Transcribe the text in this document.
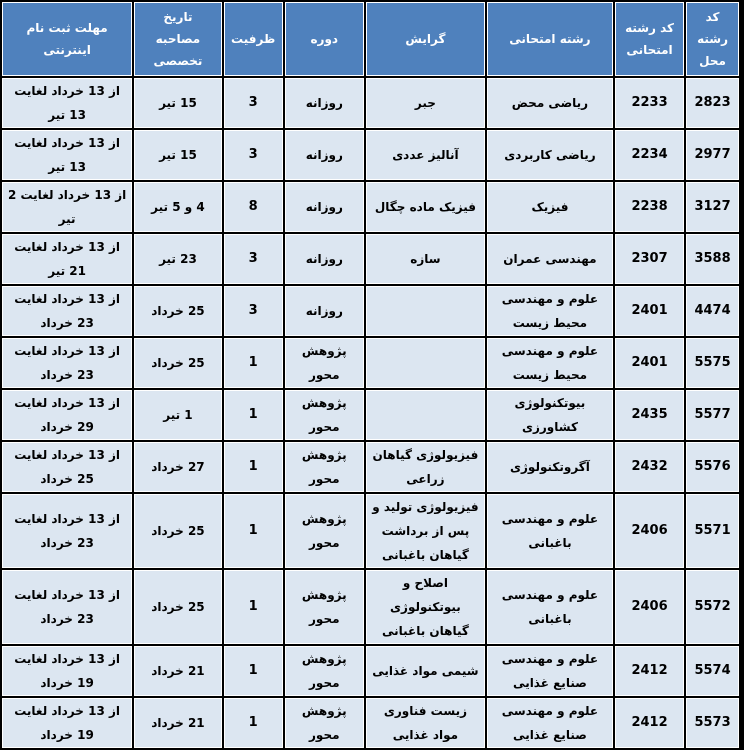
کد رشته محل	کد رشته امتحانی	رشته امتحانی	گرایش	دوره	ظرفیت	تاریخ مصاحبه تخصصی	مهلت ثبت نام اینترنتی
2823	2233	ریاضی محض	جبر	روزانه	3	15 تیر	از 13 خرداد لغایت 13 تیر
2977	2234	ریاضی کاربردی	آنالیز عددی	روزانه	3	15 تیر	از 13 خرداد لغایت 13 تیر
3127	2238	فیزیک	فیزیک ماده چگال	روزانه	8	4 و 5 تیر	از 13 خرداد لغایت 2 تیر
3588	2307	مهندسی عمران	سازه	روزانه	3	23 تیر	از 13 خرداد لغایت 21 تیر
4474	2401	علوم و مهندسی محیط زیست		روزانه	3	25 خرداد	از 13 خرداد لغایت 23 خرداد
5575	2401	علوم و مهندسی محیط زیست		پژوهش محور	1	25 خرداد	از 13 خرداد لغایت 23 خرداد
5577	2435	بیوتکنولوژی کشاورزی		پژوهش محور	1	1 تیر	از 13 خرداد لغایت 29 خرداد
5576	2432	آگروتکنولوژی	فیزیولوژی گیاهان زراعی	پژوهش محور	1	27 خرداد	از 13 خرداد لغایت 25 خرداد
5571	2406	علوم و مهندسی باغبانی	فیزیولوژی تولید و پس از برداشت گیاهان باغبانی	پژوهش محور	1	25 خرداد	از 13 خرداد لغایت 23 خرداد
5572	2406	علوم و مهندسی باغبانی	اصلاح و بیوتکنولوژی گیاهان باغبانی	پژوهش محور	1	25 خرداد	از 13 خرداد لغایت 23 خرداد
5574	2412	علوم و مهندسی صنایع غذایی	شیمی مواد غذایی	پژوهش محور	1	21 خرداد	از 13 خرداد لغایت 19 خرداد
5573	2412	علوم و مهندسی صنایع غذایی	زیست فناوری مواد غذایی	پژوهش محور	1	21 خرداد	از 13 خرداد لغایت 19 خرداد
